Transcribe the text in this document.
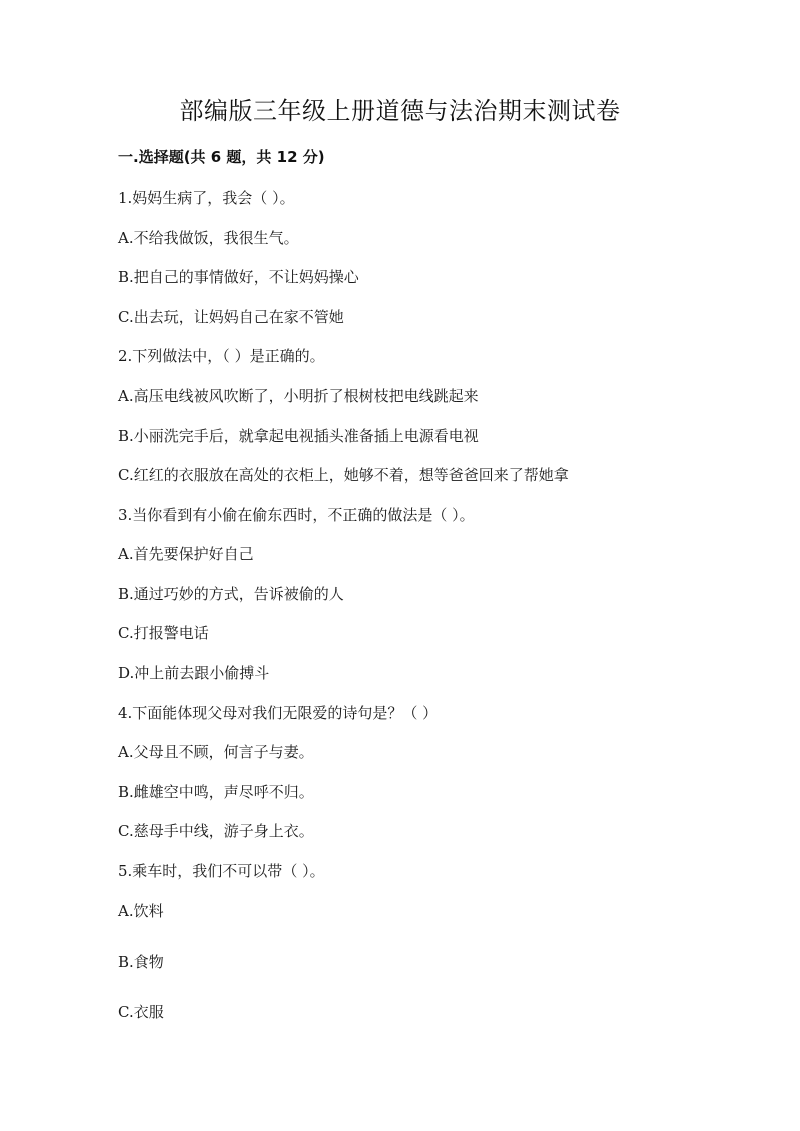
部编版三年级上册道德与法治期末测试卷
一.选择题(共 6 题，共 12 分)
1.妈妈生病了，我会（ ）。
A.不给我做饭，我很生气。
B.把自己的事情做好，不让妈妈操心
C.出去玩，让妈妈自己在家不管她
2.下列做法中，（ ）是正确的。
A.高压电线被风吹断了，小明折了根树枝把电线跳起来
B.小丽洗完手后，就拿起电视插头准备插上电源看电视
C.红红的衣服放在高处的衣柜上，她够不着，想等爸爸回来了帮她拿
3.当你看到有小偷在偷东西时，不正确的做法是（ ）。
A.首先要保护好自己
B.通过巧妙的方式，告诉被偷的人
C.打报警电话
D.冲上前去跟小偷搏斗
4.下面能体现父母对我们无限爱的诗句是？（ ）
A.父母且不顾，何言子与妻。
B.雌雄空中鸣，声尽呼不归。
C.慈母手中线，游子身上衣。
5.乘车时，我们不可以带（ ）。
A.饮料
B.食物
C.衣服
